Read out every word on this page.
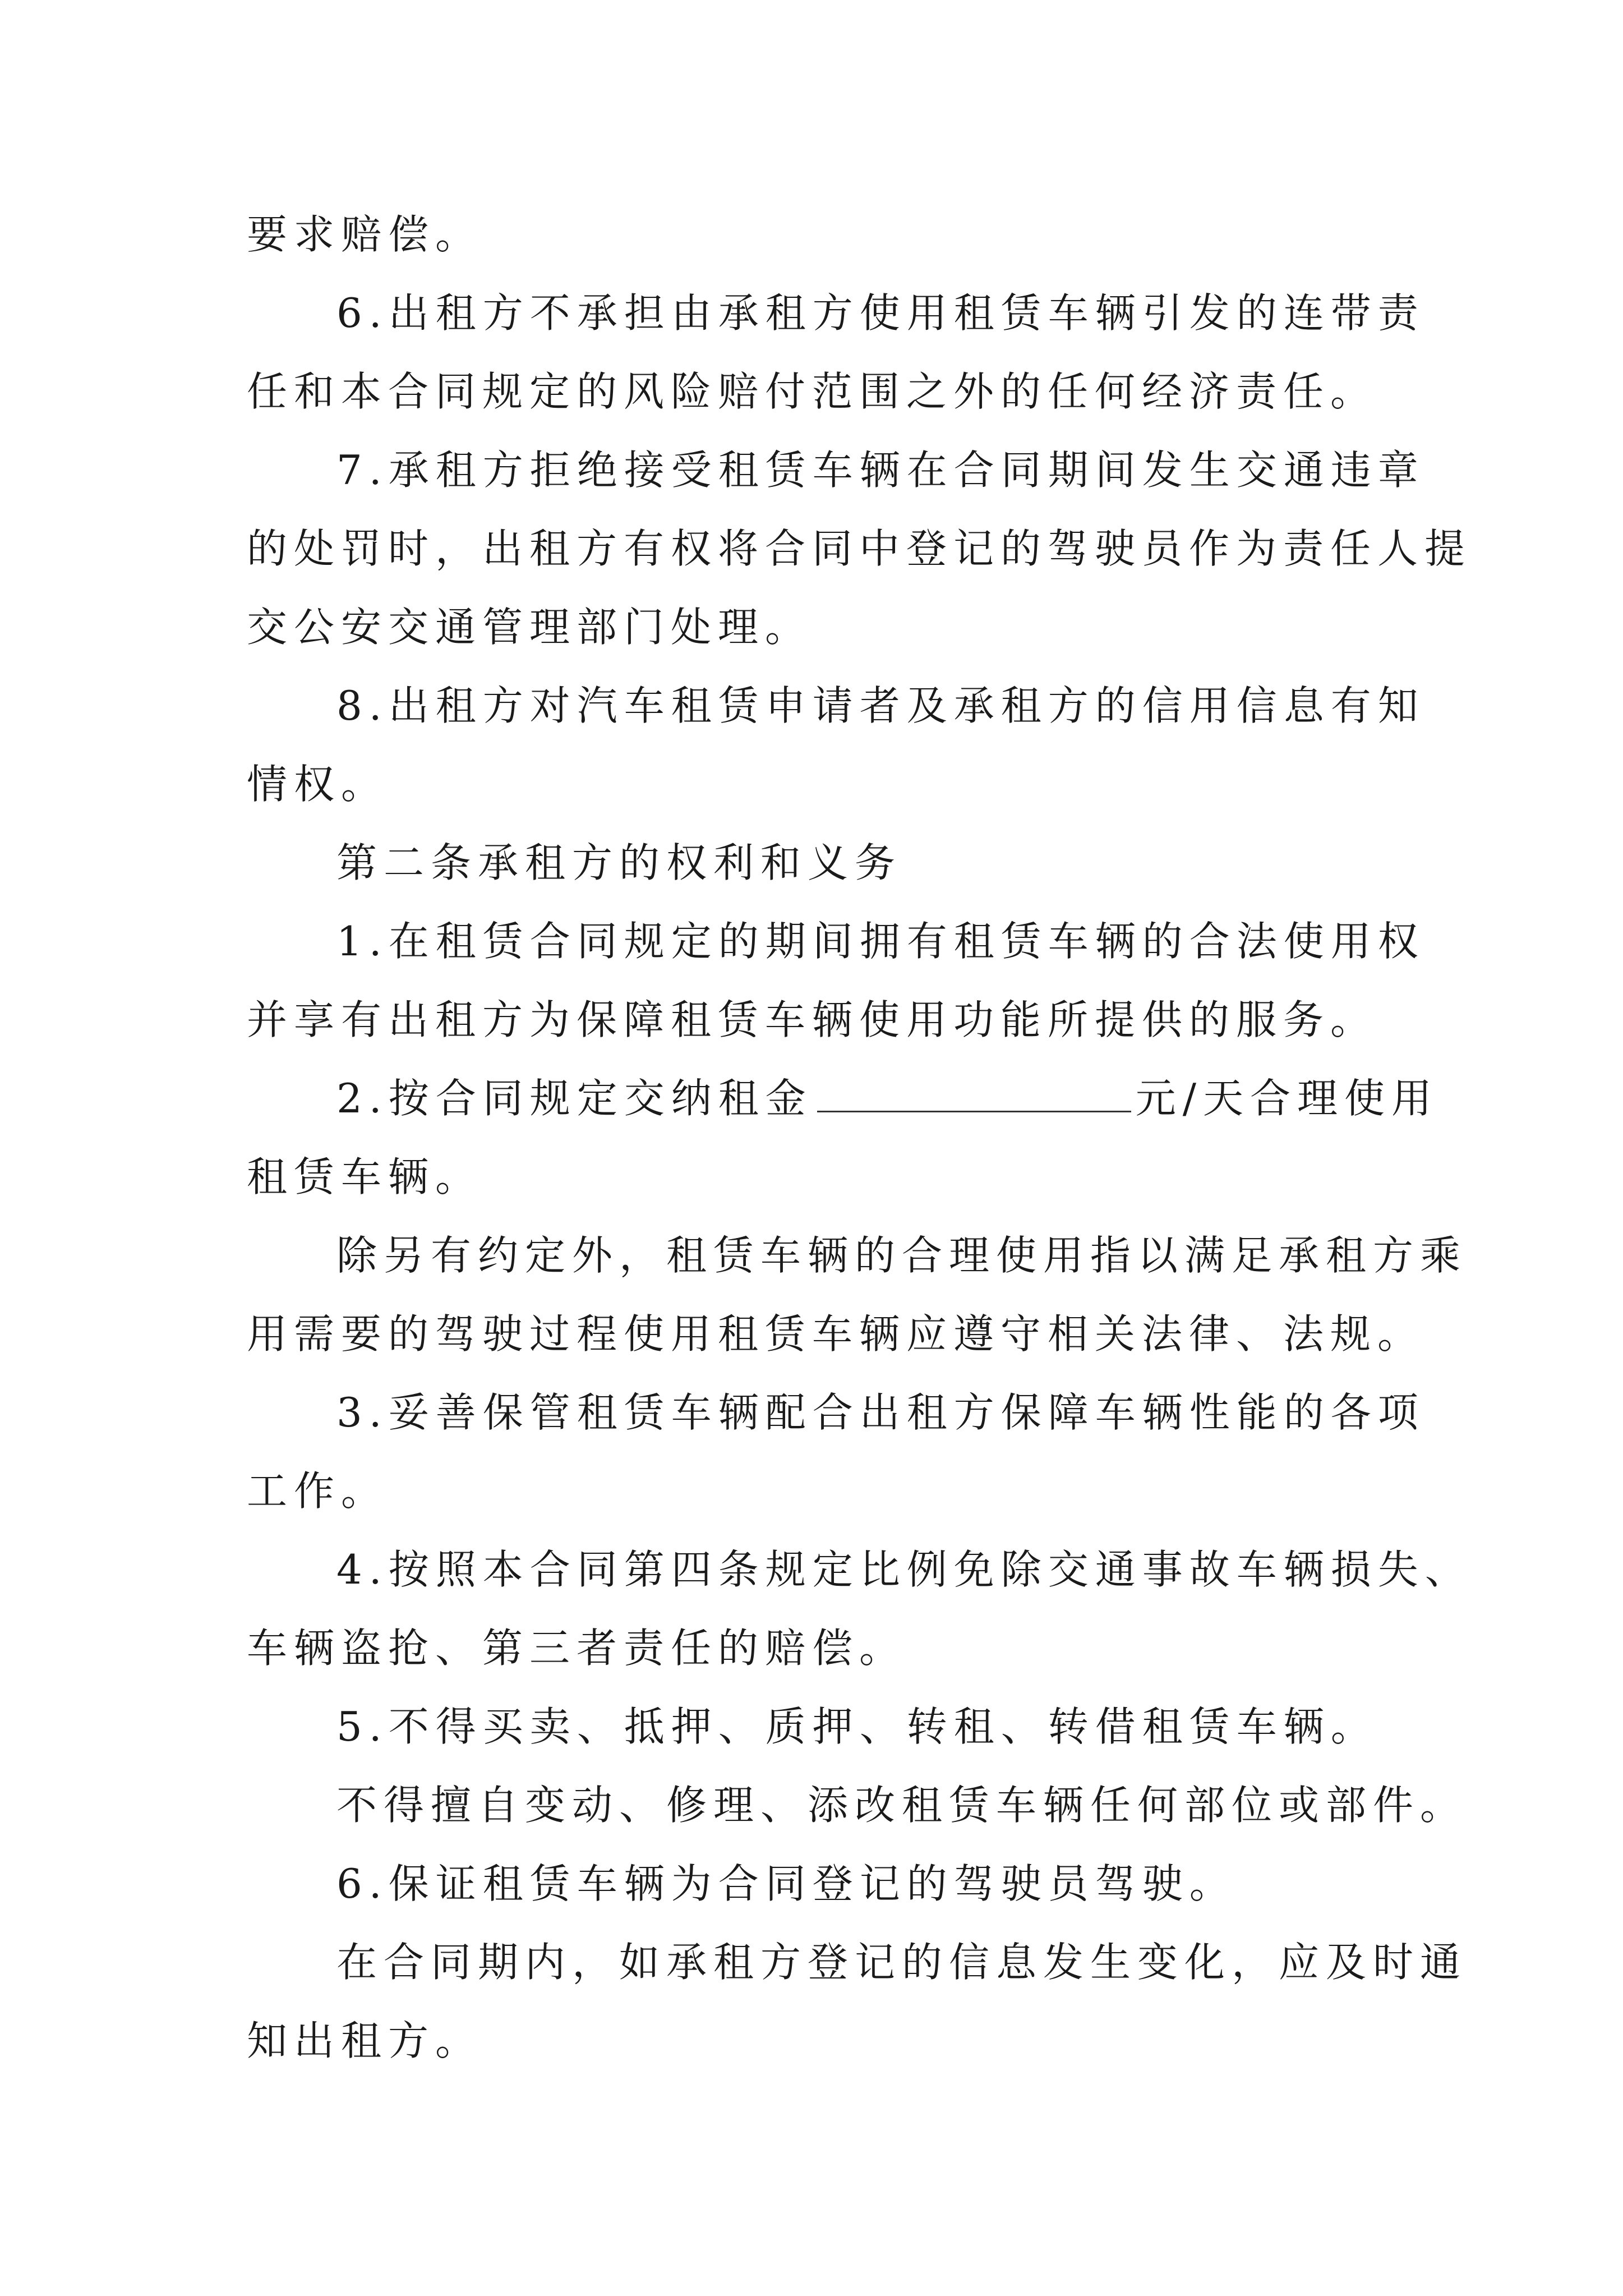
要求赔偿。
6.出租方不承担由承租方使用租赁车辆引发的连带责
任和本合同规定的风险赔付范围之外的任何经济责任。
7.承租方拒绝接受租赁车辆在合同期间发生交通违章
的处罚时，出租方有权将合同中登记的驾驶员作为责任人提
交公安交通管理部门处理。
8.出租方对汽车租赁申请者及承租方的信用信息有知
情权。
第二条承租方的权利和义务
1.在租赁合同规定的期间拥有租赁车辆的合法使用权
并享有出租方为保障租赁车辆使用功能所提供的服务。
2.按合同规定交纳租金	元/天合理使用
租赁车辆。
除另有约定外，租赁车辆的合理使用指以满足承租方乘
用需要的驾驶过程使用租赁车辆应遵守相关法律、法规。
3.妥善保管租赁车辆配合出租方保障车辆性能的各项
工作。
4.按照本合同第四条规定比例免除交通事故车辆损失、
车辆盗抢、第三者责任的赔偿。
5.不得买卖、抵押、质押、转租、转借租赁车辆。
不得擅自变动、修理、添改租赁车辆任何部位或部件。
6.保证租赁车辆为合同登记的驾驶员驾驶。
在合同期内，如承租方登记的信息发生变化，应及时通
知出租方。
